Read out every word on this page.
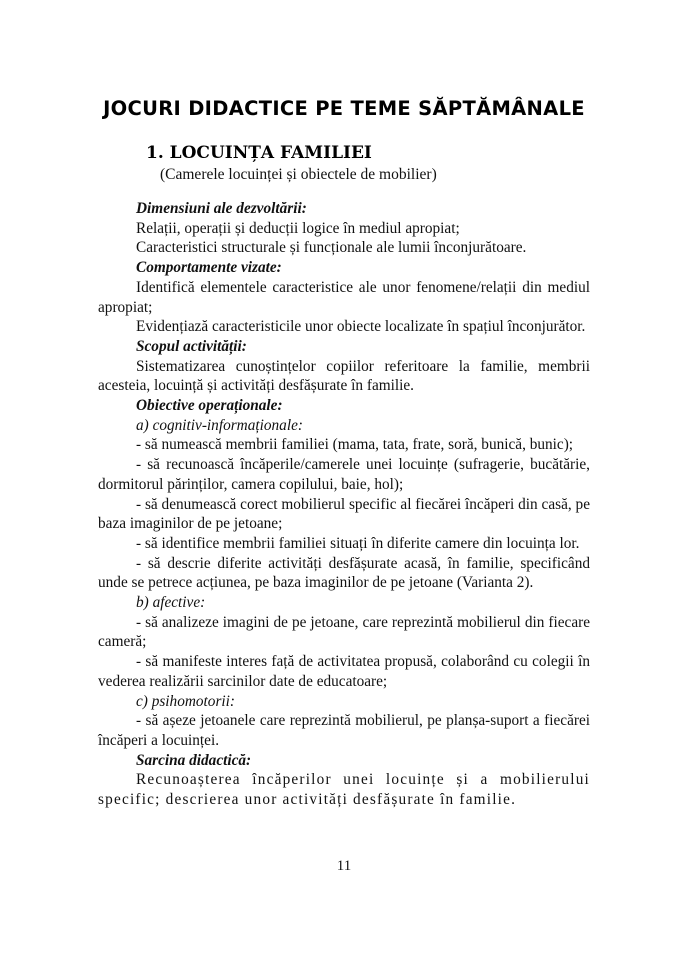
JOCURI DIDACTICE PE TEME SĂPTĂMÂNALE
1. LOCUINȚA FAMILIEI
(Camerele locuinței și obiectele de mobilier)

Dimensiuni ale dezvoltării:

Relații, operații și deducții logice în mediul apropiat;

Caracteristici structurale și funcționale ale lumii înconjurătoare.

Comportamente vizate:

Identifică elementele caracteristice ale unor fenomene/relații din mediul apropiat;

Evidențiază caracteristicile unor obiecte localizate în spațiul înconjurător.

Scopul activității:

Sistematizarea cunoștințelor copiilor referitoare la familie, membrii acesteia, locuință și activități desfășurate în familie.

Obiective operaționale:

a) cognitiv-informaționale:

- să numească membrii familiei (mama, tata, frate, soră, bunică, bunic);

- să recunoască încăperile/camerele unei locuințe (sufragerie, bucătărie, dormitorul părinților, camera copilului, baie, hol);

- să denumească corect mobilierul specific al fiecărei încăperi din casă, pe baza imaginilor de pe jetoane;

- să identifice membrii familiei situați în diferite camere din locuința lor.

- să descrie diferite activități desfășurate acasă, în familie, specificând unde se petrece acțiunea, pe baza imaginilor de pe jetoane (Varianta 2).

b) afective:

- să analizeze imagini de pe jetoane, care reprezintă mobilierul din fiecare cameră;

- să manifeste interes față de activitatea propusă, colaborând cu colegii în vederea realizării sarcinilor date de educatoare;

c) psihomotorii:

- să așeze jetoanele care reprezintă mobilierul, pe planșa-suport a fiecărei încăperi a locuinței.

Sarcina didactică:

Recunoașterea încăperilor unei locuințe și a mobilierului specific; descrierea unor activități desfășurate în familie.

11
